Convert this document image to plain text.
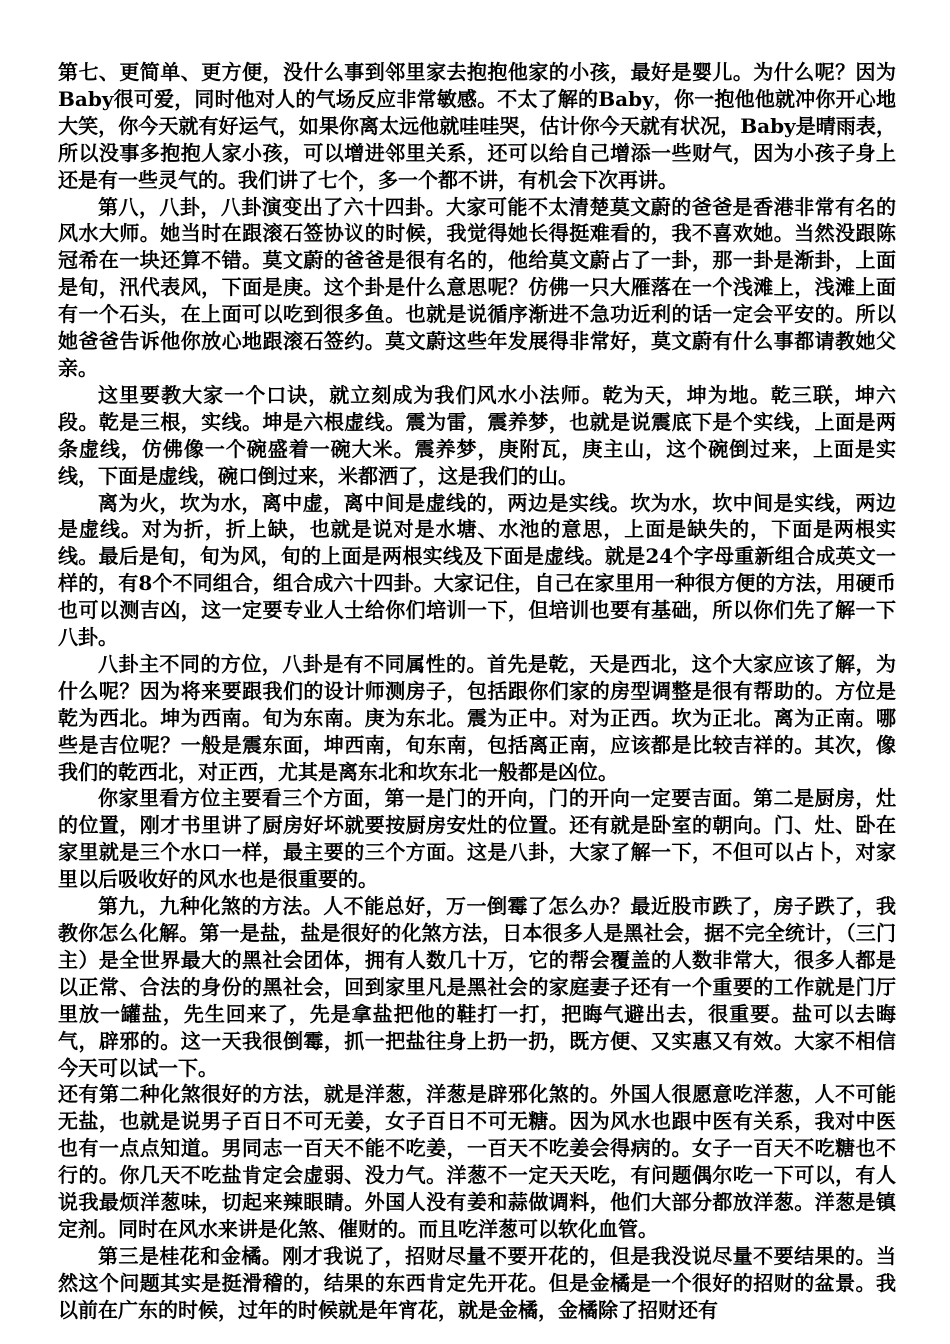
第七、更简单、更方便，没什么事到邻里家去抱抱他家的小孩，最好是婴儿。为什么呢？因为Baby很可爱，同时他对人的气场反应非常敏感。不太了解的Baby，你一抱他他就冲你开心地大笑，你今天就有好运气，如果你离太远他就哇哇哭，估计你今天就有状况，Baby是晴雨表，所以没事多抱抱人家小孩，可以增进邻里关系，还可以给自己增添一些财气，因为小孩子身上还是有一些灵气的。我们讲了七个，多一个都不讲，有机会下次再讲。

第八，八卦，八卦演变出了六十四卦。大家可能不太清楚莫文蔚的爸爸是香港非常有名的风水大师。她当时在跟滚石签协议的时候，我觉得她长得挺难看的，我不喜欢她。当然没跟陈冠希在一块还算不错。莫文蔚的爸爸是很有名的，他给莫文蔚占了一卦，那一卦是渐卦，上面是旬，汛代表风，下面是庚。这个卦是什么意思呢？仿佛一只大雁落在一个浅滩上，浅滩上面有一个石头，在上面可以吃到很多鱼。也就是说循序渐进不急功近利的话一定会平安的。所以她爸爸告诉他你放心地跟滚石签约。莫文蔚这些年发展得非常好，莫文蔚有什么事都请教她父亲。

这里要教大家一个口诀，就立刻成为我们风水小法师。乾为天，坤为地。乾三联，坤六段。乾是三根，实线。坤是六根虚线。震为雷，震养梦，也就是说震底下是个实线，上面是两条虚线，仿佛像一个碗盛着一碗大米。震养梦，庚附瓦，庚主山，这个碗倒过来，上面是实线，下面是虚线，碗口倒过来，米都洒了，这是我们的山。

离为火，坎为水，离中虚，离中间是虚线的，两边是实线。坎为水，坎中间是实线，两边是虚线。对为折，折上缺，也就是说对是水塘、水池的意思，上面是缺失的，下面是两根实线。最后是旬，旬为风，旬的上面是两根实线及下面是虚线。就是24个字母重新组合成英文一样的，有8个不同组合，组合成六十四卦。大家记住，自己在家里用一种很方便的方法，用硬币也可以测吉凶，这一定要专业人士给你们培训一下，但培训也要有基础，所以你们先了解一下八卦。

八卦主不同的方位，八卦是有不同属性的。首先是乾，天是西北，这个大家应该了解，为什么呢？因为将来要跟我们的设计师测房子，包括跟你们家的房型调整是很有帮助的。方位是乾为西北。坤为西南。旬为东南。庚为东北。震为正中。对为正西。坎为正北。离为正南。哪些是吉位呢？一般是震东面，坤西南，旬东南，包括离正南，应该都是比较吉祥的。其次，像我们的乾西北，对正西，尤其是离东北和坎东北一般都是凶位。

你家里看方位主要看三个方面，第一是门的开向，门的开向一定要吉面。第二是厨房，灶的位置，刚才书里讲了厨房好坏就要按厨房安灶的位置。还有就是卧室的朝向。门、灶、卧在家里就是三个水口一样，最主要的三个方面。这是八卦，大家了解一下，不但可以占卜，对家里以后吸收好的风水也是很重要的。

第九，九种化煞的方法。人不能总好，万一倒霉了怎么办？最近股市跌了，房子跌了，我教你怎么化解。第一是盐，盐是很好的化煞方法，日本很多人是黑社会，据不完全统计，（三门主）是全世界最大的黑社会团体，拥有人数几十万，它的帮会覆盖的人数非常大，很多人都是以正常、合法的身份的黑社会，回到家里凡是黑社会的家庭妻子还有一个重要的工作就是门厅里放一罐盐，先生回来了，先是拿盐把他的鞋打一打，把晦气避出去，很重要。盐可以去晦气，辟邪的。这一天我很倒霉，抓一把盐往身上扔一扔，既方便、又实惠又有效。大家不相信今天可以试一下。

还有第二种化煞很好的方法，就是洋葱，洋葱是辟邪化煞的。外国人很愿意吃洋葱，人不可能无盐，也就是说男子百日不可无姜，女子百日不可无糖。因为风水也跟中医有关系，我对中医也有一点点知道。男同志一百天不能不吃姜，一百天不吃姜会得病的。女子一百天不吃糖也不行的。你几天不吃盐肯定会虚弱、没力气。洋葱不一定天天吃，有问题偶尔吃一下可以，有人说我最烦洋葱味，切起来辣眼睛。外国人没有姜和蒜做调料，他们大部分都放洋葱。洋葱是镇定剂。同时在风水来讲是化煞、催财的。而且吃洋葱可以软化血管。

第三是桂花和金橘。刚才我说了，招财尽量不要开花的，但是我没说尽量不要结果的。当然这个问题其实是挺滑稽的，结果的东西肯定先开花。但是金橘是一个很好的招财的盆景。我以前在广东的时候，过年的时候就是年宵花，就是金橘，金橘除了招财还有
